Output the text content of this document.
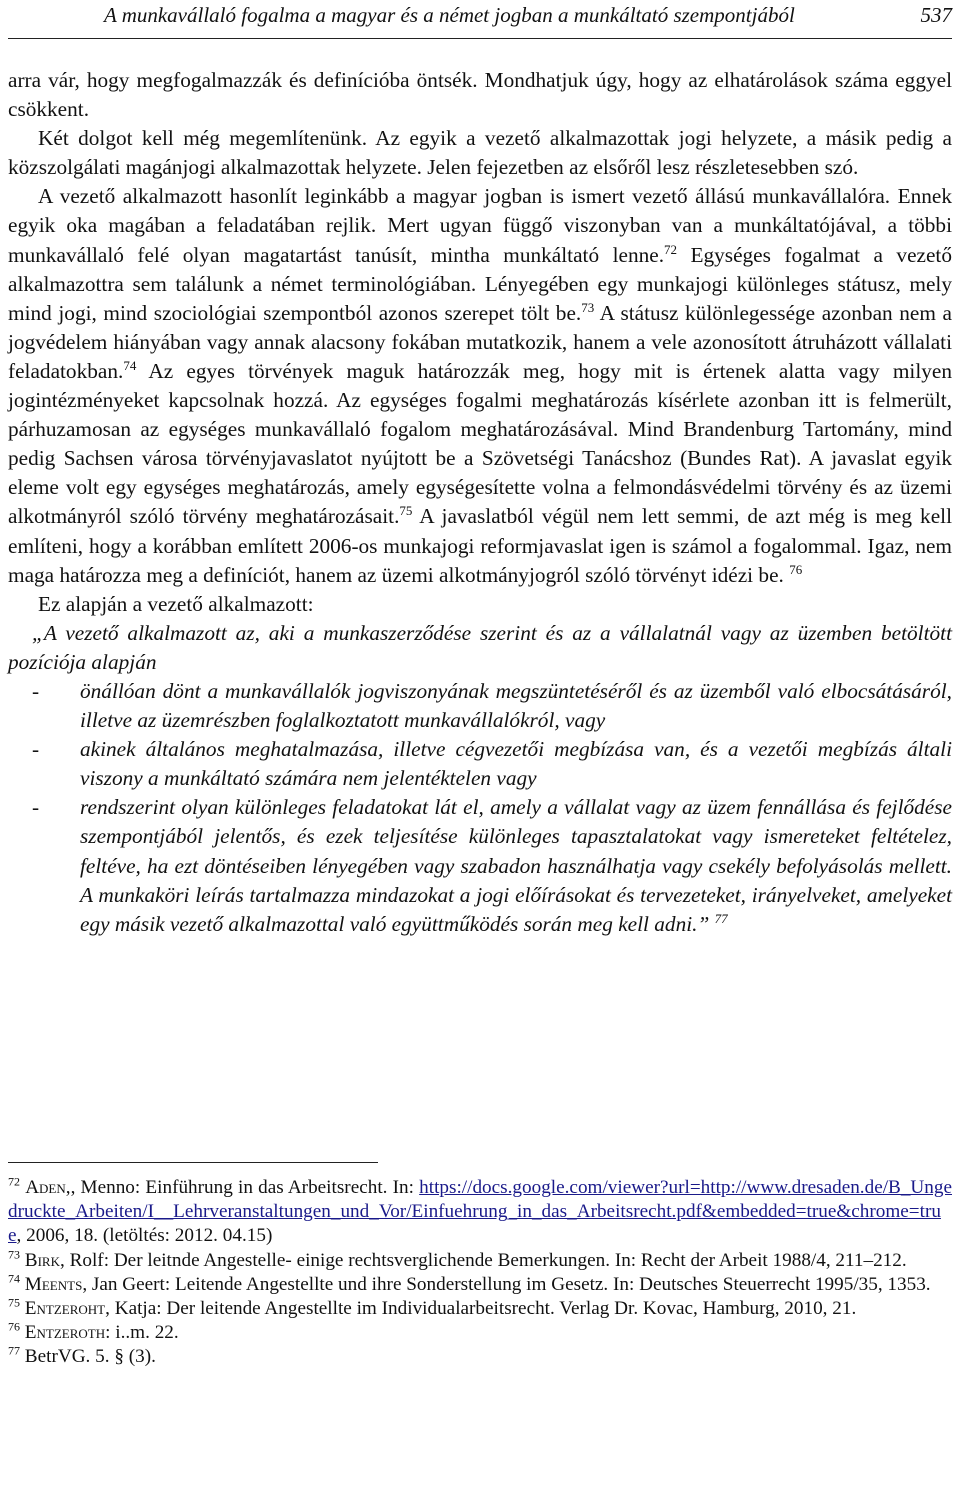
A munkavállaló fogalma a magyar és a német jogban a munkáltató szempontjából	537

arra vár, hogy megfogalmazzák és definícióba öntsék. Mondhatjuk úgy, hogy az elhatárolások száma eggyel csökkent.

Két dolgot kell még megemlítenünk. Az egyik a vezető alkalmazottak jogi helyzete, a másik pedig a közszolgálati magánjogi alkalmazottak helyzete. Jelen fejezetben az elsőről lesz részletesebben szó.

A vezető alkalmazott hasonlít leginkább a magyar jogban is ismert vezető állású munkavállalóra. Ennek egyik oka magában a feladatában rejlik. Mert ugyan függő viszonyban van a munkáltatójával, a többi munkavállaló felé olyan magatartást tanúsít, mintha munkáltató lenne.$^{72}$ Egységes fogalmat a vezető alkalmazottra sem találunk a német terminológiában. Lényegében egy munkajogi különleges státusz, mely mind jogi, mind szociológiai szempontból azonos szerepet tölt be.$^{73}$ A státusz különlegessége azonban nem a jogvédelem hiányában vagy annak alacsony fokában mutatkozik, hanem a vele azonosított átruházott vállalati feladatokban.$^{74}$ Az egyes törvények maguk határozzák meg, hogy mit is értenek alatta vagy milyen jogintézményeket kapcsolnak hozzá. Az egységes fogalmi meghatározás kísérlete azonban itt is felmerült, párhuzamosan az egységes munkavállaló fogalom meghatározásával. Mind Brandenburg Tartomány, mind pedig Sachsen városa törvényjavaslatot nyújtott be a Szövetségi Tanácshoz (Bundes Rat). A javaslat egyik eleme volt egy egységes meghatározás, amely egységesítette volna a felmondásvédelmi törvény és az üzemi alkotmányról szóló törvény meghatározásait.$^{75}$ A javaslatból végül nem lett semmi, de azt még is meg kell említeni, hogy a korábban említett 2006-os munkajogi reformjavaslat igen is számol a fogalommal. Igaz, nem maga határozza meg a definíciót, hanem az üzemi alkotmányjogról szóló törvényt idézi be. $^{76}$

Ez alapján a vezető alkalmazott:

„A vezető alkalmazott az, aki a munkaszerződése szerint és az a vállalatnál vagy az üzemben betöltött pozíciója alapján

- önállóan dönt a munkavállalók jogviszonyának megszüntetéséről és az üzemből való elbocsátásáról, illetve az üzemrészben foglalkoztatott munkavállalókról, vagy
- akinek általános meghatalmazása, illetve cégvezetői megbízása van, és a vezetői megbízás általi viszony a munkáltató számára nem jelentéktelen vagy
- rendszerint olyan különleges feladatokat lát el, amely a vállalat vagy az üzem fennállása és fejlődése szempontjából jelentős, és ezek teljesítése különleges tapasztalatokat vagy ismereteket feltételez, feltéve, ha ezt döntéseiben lényegében vagy szabadon használhatja vagy csekély befolyásolás mellett. A munkaköri leírás tartalmazza mindazokat a jogi előírásokat és tervezeteket, irányelveket, amelyeket egy másik vezető alkalmazottal való együttműködés során meg kell adni.” $^{77}$

$^{72}$ Aden,, Menno: Einführung in das Arbeitsrecht. In: https://docs.google.com/viewer?url=http://www.dresaden.de/B_Ungedruckte_Arbeiten/I__Lehrveranstaltungen_und_Vor/Einfuehrung_in_das_Arbeitsrecht.pdf&embedded=true&chrome=true, 2006, 18. (letöltés: 2012. 04.15)

$^{73}$ Birk, Rolf: Der leitnde Angestelle- einige rechtsverglichende Bemerkungen. In: Recht der Arbeit 1988/4, 211–212.

$^{74}$ Meents, Jan Geert: Leitende Angestellte und ihre Sonderstellung im Gesetz. In: Deutsches Steuerrecht 1995/35, 1353.

$^{75}$ Entzeroht, Katja: Der leitende Angestellte im Individualarbeitsrecht. Verlag Dr. Kovac, Hamburg, 2010, 21.

$^{76}$ Entzeroth: i..m. 22.

$^{77}$ BetrVG. 5. § (3).
